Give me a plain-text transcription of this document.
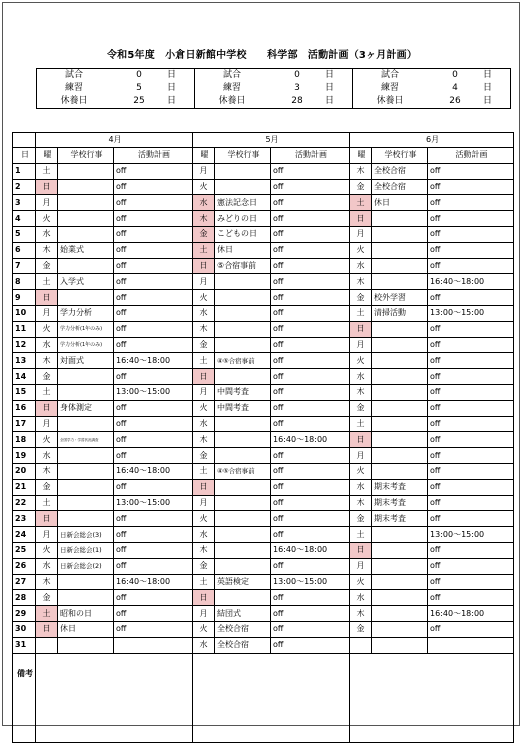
令和5年度　小倉日新館中学校　　科学部　活動計画（3ヶ月計画）
試合	0	日
練習	5	日
休養日	25	日

試合	0	日
練習	3	日
休養日	28	日

試合	0	日
練習	4	日
休養日	26	日
	4月			5月			6月		
日	曜	学校行事	活動計画	曜	学校行事	活動計画	曜	学校行事	活動計画
1	土		off	月		off	木	全校合宿	off
2	日		off	火		off	金	全校合宿	off
3	月		off	水	憲法記念日	off	土	休日	off
4	火		off	木	みどりの日	off	日		off
5	水		off	金	こどもの日	off	月		off
6	木	始業式	off	土	休日	off	火		off
7	金		off	日	⑤合宿事前	off	水		off
8	土	入学式	off	月		off	木		16:40～18:00
9	日		off	火		off	金	校外学習	off
10	月	学力分析	off	水		off	土	清掃活動	13:00～15:00
11	火	学力分析(1年のみ)	off	木		off	日		off
12	水	学力分析(1年のみ)	off	金		off	月		off
13	木	対面式	16:40～18:00	土	④⑤合宿事前	off	火		off
14	金		off	日		off	水		off
15	土		13:00～15:00	月	中間考査	off	木		off
16	日	身体測定	off	火	中間考査	off	金		off
17	月		off	水		off	土		off
18	火	全国学力・学習状況調査	off	木		16:40～18:00	日		off
19	水		off	金		off	月		off
20	木		16:40～18:00	土	④⑤合宿事前	off	火		off
21	金		off	日		off	水	期末考査	off
22	土		13:00～15:00	月		off	木	期末考査	off
23	日		off	火		off	金	期末考査	off
24	月	日新会総会(3)	off	水		off	土		13:00～15:00
25	火	日新会総会(1)	off	木		16:40～18:00	日		off
26	水	日新会総会(2)	off	金		off	月		off
27	木		16:40～18:00	土	英語検定	13:00～15:00	火		off
28	金		off	日		off	水		off
29	土	昭和の日	off	月	結団式	off	木		16:40～18:00
30	日	休日	off	火	全校合宿	off	金		off
31				水	全校合宿	off			
備考									
